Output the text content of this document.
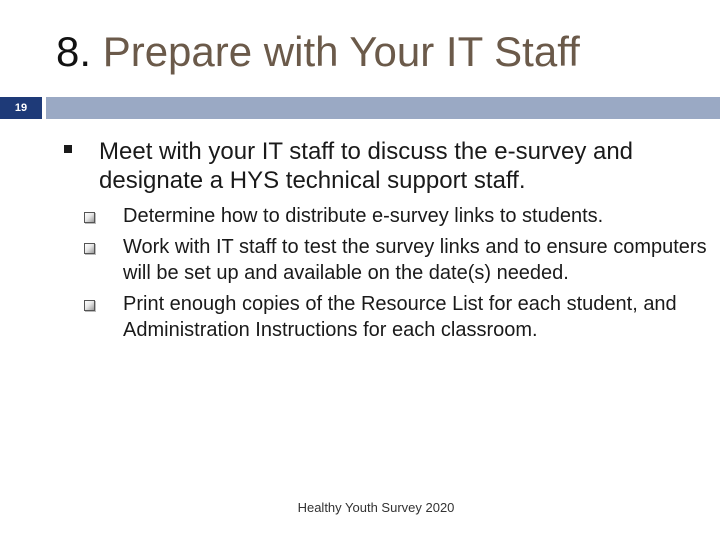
8. Prepare with Your IT Staff
19
Meet with your IT staff to discuss the e-survey and designate a HYS technical support staff.
Determine how to distribute e-survey links to students.
Work with IT staff to test the survey links and to ensure computers will be set up and available on the date(s) needed.
Print enough copies of the Resource List for each student, and Administration Instructions for each classroom.
Healthy Youth Survey 2020
